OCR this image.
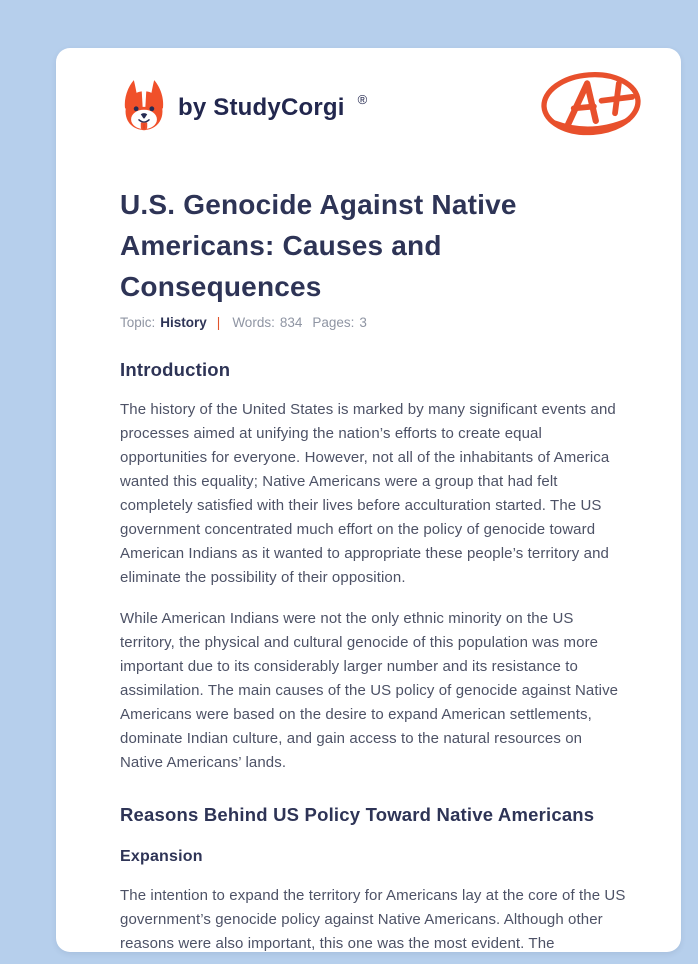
by StudyCorgi ®
U.S. Genocide Against Native Americans: Causes and Consequences
Topic: History | Words: 834 Pages: 3
Introduction

The history of the United States is marked by many significant events and processes aimed at unifying the nation’s efforts to create equal opportunities for everyone. However, not all of the inhabitants of America wanted this equality; Native Americans were a group that had felt completely satisfied with their lives before acculturation started. The US government concentrated much effort on the policy of genocide toward American Indians as it wanted to appropriate these people’s territory and eliminate the possibility of their opposition.

While American Indians were not the only ethnic minority on the US territory, the physical and cultural genocide of this population was more important due to its considerably larger number and its resistance to assimilation. The main causes of the US policy of genocide against Native Americans were based on the desire to expand American settlements, dominate Indian culture, and gain access to the natural resources on Native Americans’ lands.

Reasons Behind US Policy Toward Native Americans
Expansion

The intention to expand the territory for Americans lay at the core of the US government’s genocide policy against Native Americans. Although other reasons were also important, this one was the most evident. The
